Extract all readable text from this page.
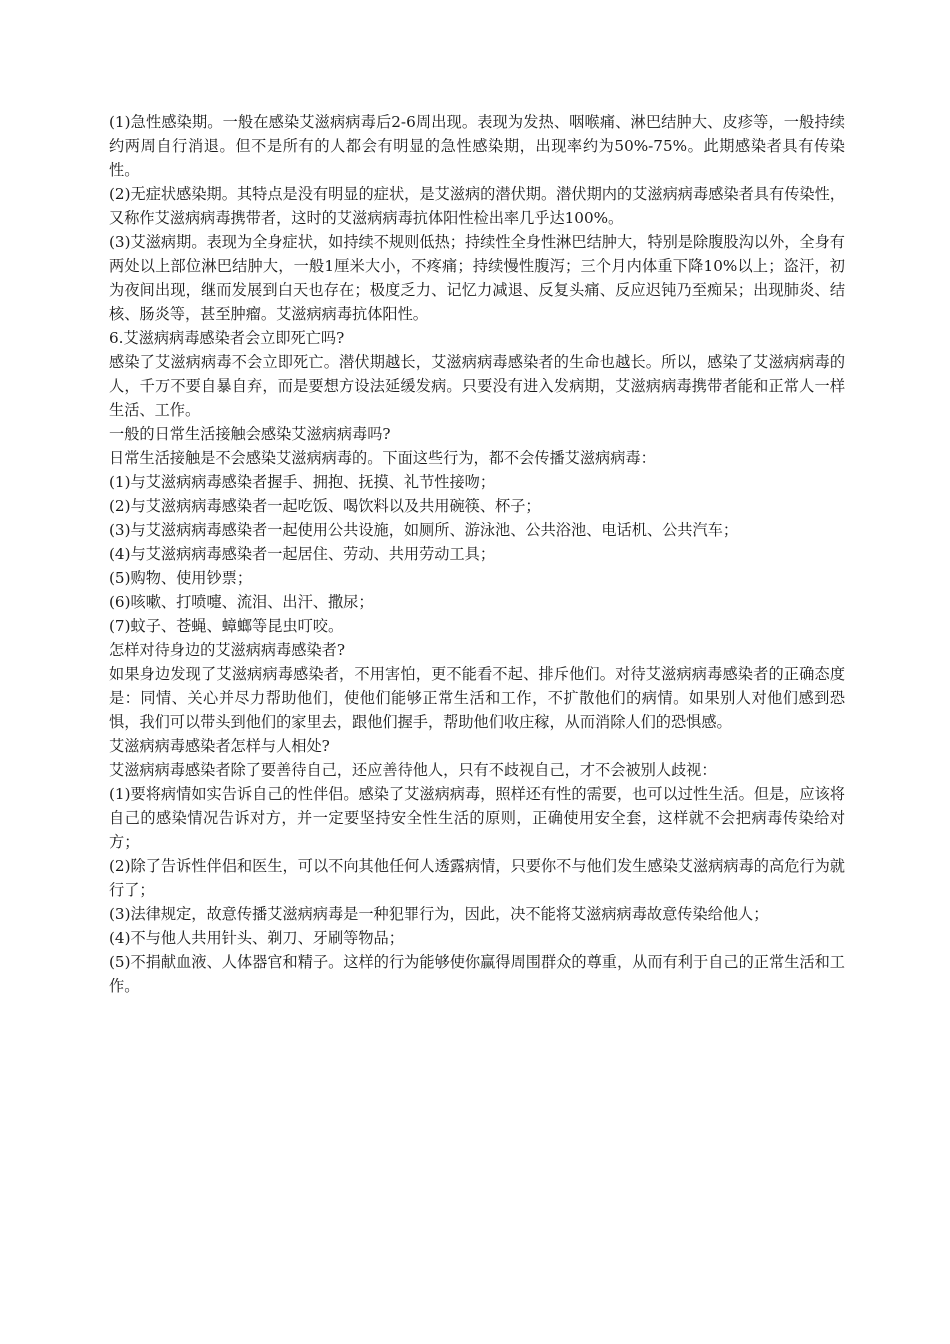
(1)急性感染期。一般在感染艾滋病病毒后2-6周出现。表现为发热、咽喉痛、淋巴结肿大、皮疹等，一般持续约两周自行消退。但不是所有的人都会有明显的急性感染期，出现率约为50%-75%。此期感染者具有传染性。

(2)无症状感染期。其特点是没有明显的症状，是艾滋病的潜伏期。潜伏期内的艾滋病病毒感染者具有传染性，又称作艾滋病病毒携带者，这时的艾滋病病毒抗体阳性检出率几乎达100%。

(3)艾滋病期。表现为全身症状，如持续不规则低热；持续性全身性淋巴结肿大，特别是除腹股沟以外，全身有两处以上部位淋巴结肿大，一般1厘米大小，不疼痛；持续慢性腹泻；三个月内体重下降10%以上；盗汗，初为夜间出现，继而发展到白天也存在；极度乏力、记忆力减退、反复头痛、反应迟钝乃至痴呆；出现肺炎、结核、肠炎等，甚至肿瘤。艾滋病病毒抗体阳性。

6.艾滋病病毒感染者会立即死亡吗?

感染了艾滋病病毒不会立即死亡。潜伏期越长，艾滋病病毒感染者的生命也越长。所以，感染了艾滋病病毒的人，千万不要自暴自弃，而是要想方设法延缓发病。只要没有进入发病期，艾滋病病毒携带者能和正常人一样生活、工作。

一般的日常生活接触会感染艾滋病病毒吗?

日常生活接触是不会感染艾滋病病毒的。下面这些行为，都不会传播艾滋病病毒：

(1)与艾滋病病毒感染者握手、拥抱、抚摸、礼节性接吻；

(2)与艾滋病病毒感染者一起吃饭、喝饮料以及共用碗筷、杯子；

(3)与艾滋病病毒感染者一起使用公共设施，如厕所、游泳池、公共浴池、电话机、公共汽车；

(4)与艾滋病病毒感染者一起居住、劳动、共用劳动工具；

(5)购物、使用钞票；

(6)咳嗽、打喷嚏、流泪、出汗、撒尿；

(7)蚊子、苍蝇、蟑螂等昆虫叮咬。

怎样对待身边的艾滋病病毒感染者?

如果身边发现了艾滋病病毒感染者，不用害怕，更不能看不起、排斥他们。对待艾滋病病毒感染者的正确态度是：同情、关心并尽力帮助他们，使他们能够正常生活和工作，不扩散他们的病情。如果别人对他们感到恐惧，我们可以带头到他们的家里去，跟他们握手，帮助他们收庄稼，从而消除人们的恐惧感。

艾滋病病毒感染者怎样与人相处?

艾滋病病毒感染者除了要善待自己，还应善待他人，只有不歧视自己，才不会被别人歧视：

(1)要将病情如实告诉自己的性伴侣。感染了艾滋病病毒，照样还有性的需要，也可以过性生活。但是，应该将自己的感染情况告诉对方，并一定要坚持安全性生活的原则，正确使用安全套，这样就不会把病毒传染给对方；

(2)除了告诉性伴侣和医生，可以不向其他任何人透露病情，只要你不与他们发生感染艾滋病病毒的高危行为就行了；

(3)法律规定，故意传播艾滋病病毒是一种犯罪行为，因此，决不能将艾滋病病毒故意传染给他人；

(4)不与他人共用针头、剃刀、牙刷等物品；

(5)不捐献血液、人体器官和精子。这样的行为能够使你赢得周围群众的尊重，从而有利于自己的正常生活和工作。
